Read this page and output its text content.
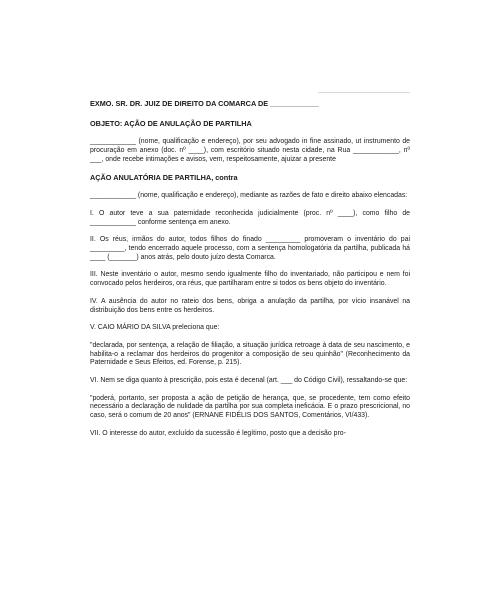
EXMO. SR. DR. JUIZ DE DIREITO DA COMARCA DE ____________

OBJETO: AÇÃO DE ANULAÇÃO DE PARTILHA

____________ (nome, qualificação e endereço), por seu advogado in fine assinado, ut instrumento de procuração em anexo (doc. nº ____), com escritório situado nesta cidade, na Rua ____________, nº ___, onde recebe intimações e avisos, vem, respeitosamente, ajuizar a presente

AÇÃO ANULATÓRIA DE PARTILHA, contra

____________ (nome, qualificação e endereço), mediante as razões de fato e direito abaixo elencadas:

I. O autor teve a sua paternidade reconhecida judicialmente (proc. nº ____), como filho de ____________ conforme sentença em anexo.

II. Os réus, irmãos do autor, todos filhos do finado _________ promoveram o inventário do pai _________, tendo encerrado aquele processo, com a sentença homologatória da partilha, publicada há ____ (_______) anos atrás, pelo douto juízo desta Comarca.

III. Neste inventário o autor, mesmo sendo igualmente filho do inventariado, não participou e nem foi convocado pelos herdeiros, ora réus, que partilharam entre si todos os bens objeto do inventário.

IV. A ausência do autor no rateio dos bens, obriga a anulação da partilha, por vício insanável na distribuição dos bens entre os herdeiros.

V. CAIO MÁRIO DA SILVA preleciona que:

"declarada, por sentença, a relação de filiação, a situação jurídica retroage à data de seu nascimento, e habilita-o a reclamar dos herdeiros do progenitor a composição de seu quinhão" (Reconhecimento da Paternidade e Seus Efeitos, ed. Forense, p. 215).

VI. Nem se diga quanto à prescrição, pois esta é decenal (art. ___ do Código Civil), ressaltando-se que:

"poderá, portanto, ser proposta a ação de petição de herança, que, se procedente, tem como efeito necessário a declaração de nulidade da partilha por sua completa ineficácia. E o prazo prescricional, no caso, será o comum de 20 anos" (ERNANE FIDÉLIS DOS SANTOS, Comentários, VI/433).

VII. O interesse do autor, excluído da sucessão é legítimo, posto que a decisão pro-
